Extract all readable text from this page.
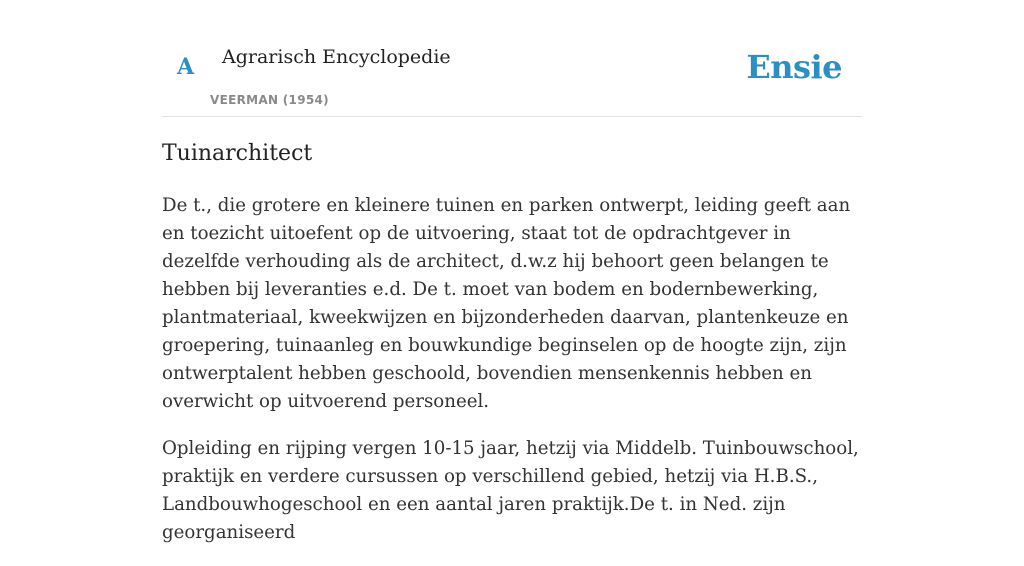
A Agrarisch Encyclopedie
VEERMAN (1954)
Ensie
Tuinarchitect

De t., die grotere en kleinere tuinen en parken ontwerpt, leiding geeft aan en toezicht uitoefent op de uitvoering, staat tot de opdrachtgever in dezelfde verhouding als de architect, d.w.z hij behoort geen belangen te hebben bij leveranties e.d. De t. moet van bodem en bodernbewerking, plantmateriaal, kweekwijzen en bijzonderheden daarvan, plantenkeuze en groepering, tuinaanleg en bouwkundige beginselen op de hoogte zijn, zijn ontwerptalent hebben geschoold, bovendien mensenkennis hebben en overwicht op uitvoerend personeel.

Opleiding en rijping vergen 10-15 jaar, hetzij via Middelb. Tuinbouwschool, praktijk en verdere cursussen op verschillend gebied, hetzij via H.B.S., Landbouwhogeschool en een aantal jaren praktijk.De t. in Ned. zijn georganiseerd
